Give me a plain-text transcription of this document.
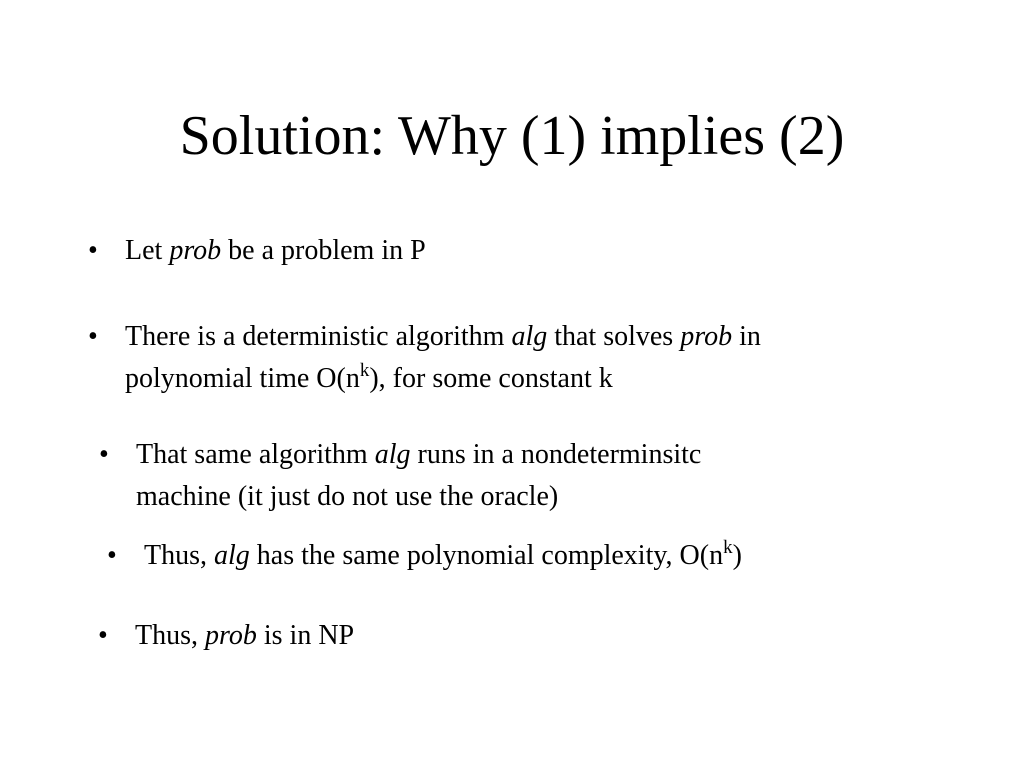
Solution: Why (1) implies (2)
• Let prob be a problem in P
• There is a deterministic algorithm alg that solves prob in
polynomial time $O(n^k)$, for some constant k
• That same algorithm alg runs in a nondeterminsitc
machine (it just do not use the oracle)
• Thus, alg has the same polynomial complexity, $O(n^k)$
• Thus, prob is in NP
